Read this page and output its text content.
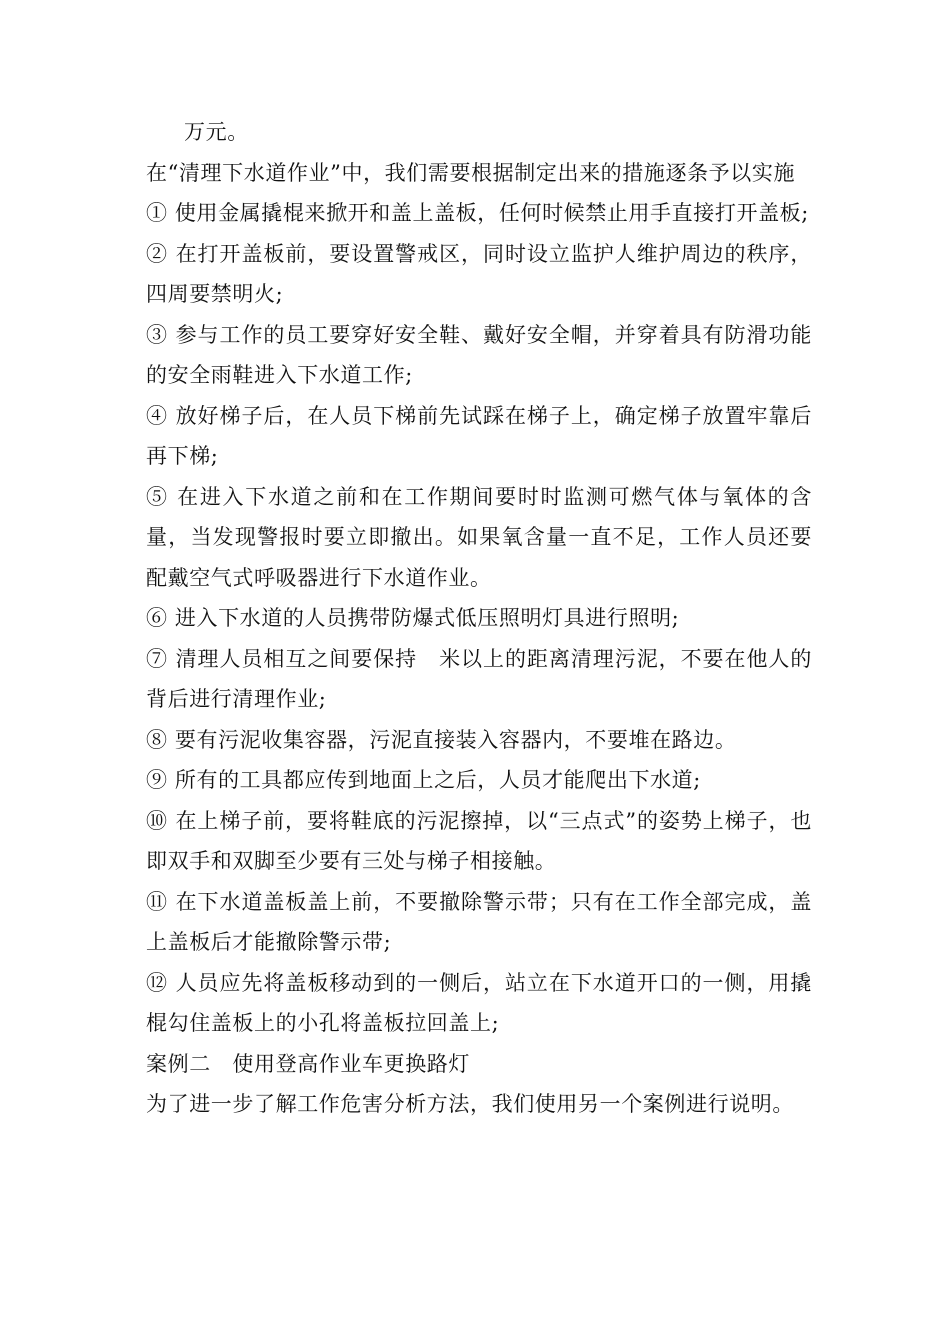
万元。

在“清理下水道作业”中，我们需要根据制定出来的措施逐条予以实施

① 使用金属撬棍来掀开和盖上盖板，任何时候禁止用手直接打开盖板;

② 在打开盖板前，要设置警戒区，同时设立监护人维护周边的秩序，四周要禁明火;

③ 参与工作的员工要穿好安全鞋、戴好安全帽，并穿着具有防滑功能的安全雨鞋进入下水道工作;

④ 放好梯子后，在人员下梯前先试踩在梯子上，确定梯子放置牢靠后再下梯;

⑤ 在进入下水道之前和在工作期间要时时监测可燃气体与氧体的含量，当发现警报时要立即撤出。如果氧含量一直不足，工作人员还要配戴空气式呼吸器进行下水道作业。

⑥ 进入下水道的人员携带防爆式低压照明灯具进行照明;

⑦ 清理人员相互之间要保持　米以上的距离清理污泥，不要在他人的背后进行清理作业;

⑧ 要有污泥收集容器，污泥直接装入容器内，不要堆在路边。

⑨ 所有的工具都应传到地面上之后，人员才能爬出下水道;

⑩ 在上梯子前，要将鞋底的污泥擦掉，以“三点式”的姿势上梯子，也即双手和双脚至少要有三处与梯子相接触。

⑪ 在下水道盖板盖上前，不要撤除警示带；只有在工作全部完成，盖上盖板后才能撤除警示带;

⑫ 人员应先将盖板移动到的一侧后，站立在下水道开口的一侧，用撬棍勾住盖板上的小孔将盖板拉回盖上;

案例二　使用登高作业车更换路灯

为了进一步了解工作危害分析方法，我们使用另一个案例进行说明。
